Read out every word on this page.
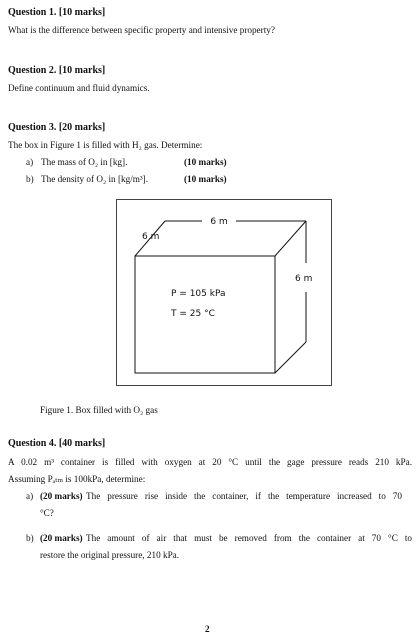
Question 1. [10 marks]
What is the difference between specific property and intensive property?
Question 2. [10 marks]
Define continuum and fluid dynamics.
Question 3. [20 marks]
The box in Figure 1 is filled with H₂ gas. Determine:
a) The mass of O₂ in [kg].	(10 marks)
b) The density of O₂ in [kg/m³].	(10 marks)
6 m
6 m
6 m
P = 105 kPa
T = 25 °C
Figure 1. Box filled with O₂ gas
Question 4. [40 marks]
A 0.02 m³ container is filled with oxygen at 20 °C until the gage pressure reads 210 kPa.
Assuming Pₐₜₘ is 100kPa, determine:
a) (20 marks) The pressure rise inside the container, if the temperature increased to 70
°C?
b) (20 marks) The amount of air that must be removed from the container at 70 °C to
restore the original pressure, 210 kPa.
2
